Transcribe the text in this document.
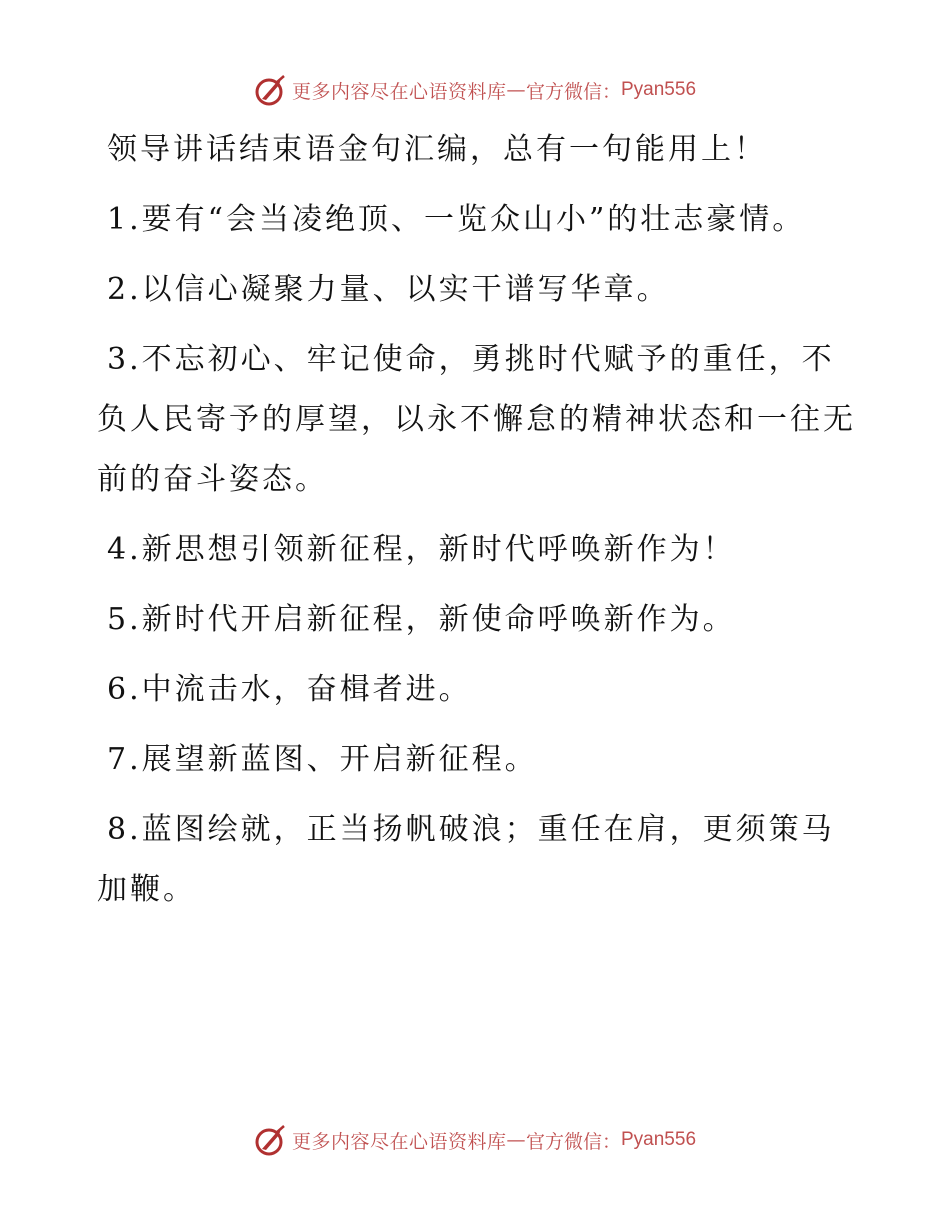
更多内容尽在心语资料库 — 官方微信： Pyan556
领导讲话结束语金句汇编，总有一句能用上！
1.要有“会当凌绝顶、一览众山小”的壮志豪情。
2.以信心凝聚力量、以实干谱写华章。
3.不忘初心、牢记使命，勇挑时代赋予的重任，不负人民寄予的厚望，以永不懈怠的精神状态和一往无前的奋斗姿态。
4.新思想引领新征程，新时代呼唤新作为！
5.新时代开启新征程，新使命呼唤新作为。
6.中流击水，奋楫者进。
7.展望新蓝图、开启新征程。
8.蓝图绘就，正当扬帆破浪；重任在肩，更须策马加鞭。
更多内容尽在心语资料库 — 官方微信： Pyan556
